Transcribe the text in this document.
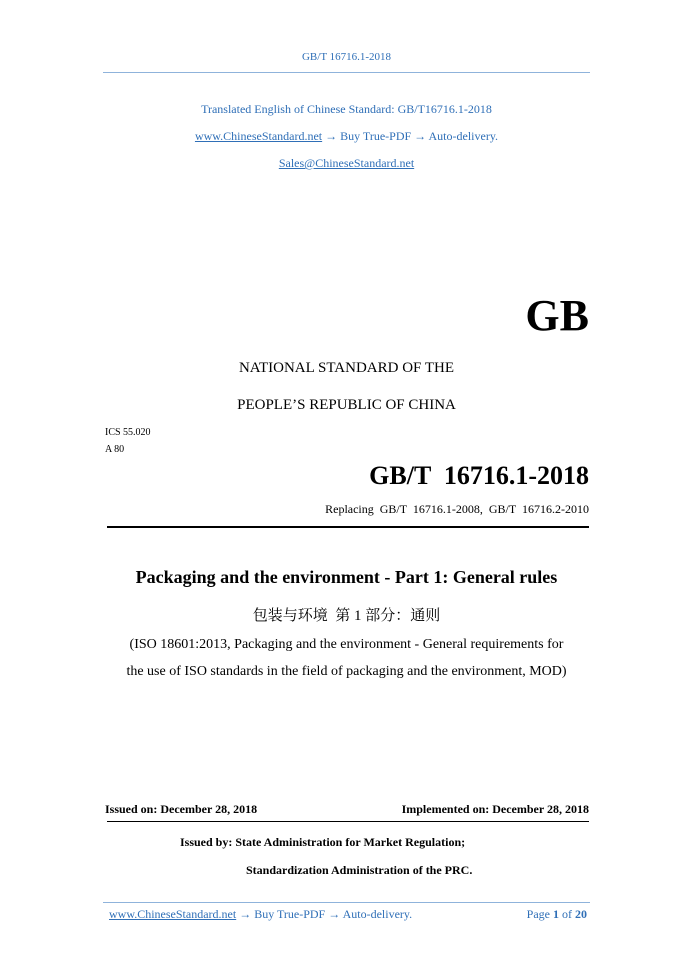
GB/T 16716.1-2018
Translated English of Chinese Standard: GB/T16716.1-2018
www.ChineseStandard.net → Buy True-PDF → Auto-delivery.
Sales@ChineseStandard.net
GB
NATIONAL STANDARD OF THE
PEOPLE’S REPUBLIC OF CHINA
ICS 55.020
A 80
GB/T  16716.1-2018
Replacing  GB/T  16716.1-2008,  GB/T  16716.2-2010
Packaging and the environment - Part 1: General rules
包装与环境  第 1 部分：通则
(ISO 18601:2013, Packaging and the environment - General requirements for
the use of ISO standards in the field of packaging and the environment, MOD)
Issued on: December 28, 2018	Implemented on: December 28, 2018
Issued by: State Administration for Market Regulation;
Standardization Administration of the PRC.
www.ChineseStandard.net → Buy True-PDF → Auto-delivery.	Page 1 of 20
